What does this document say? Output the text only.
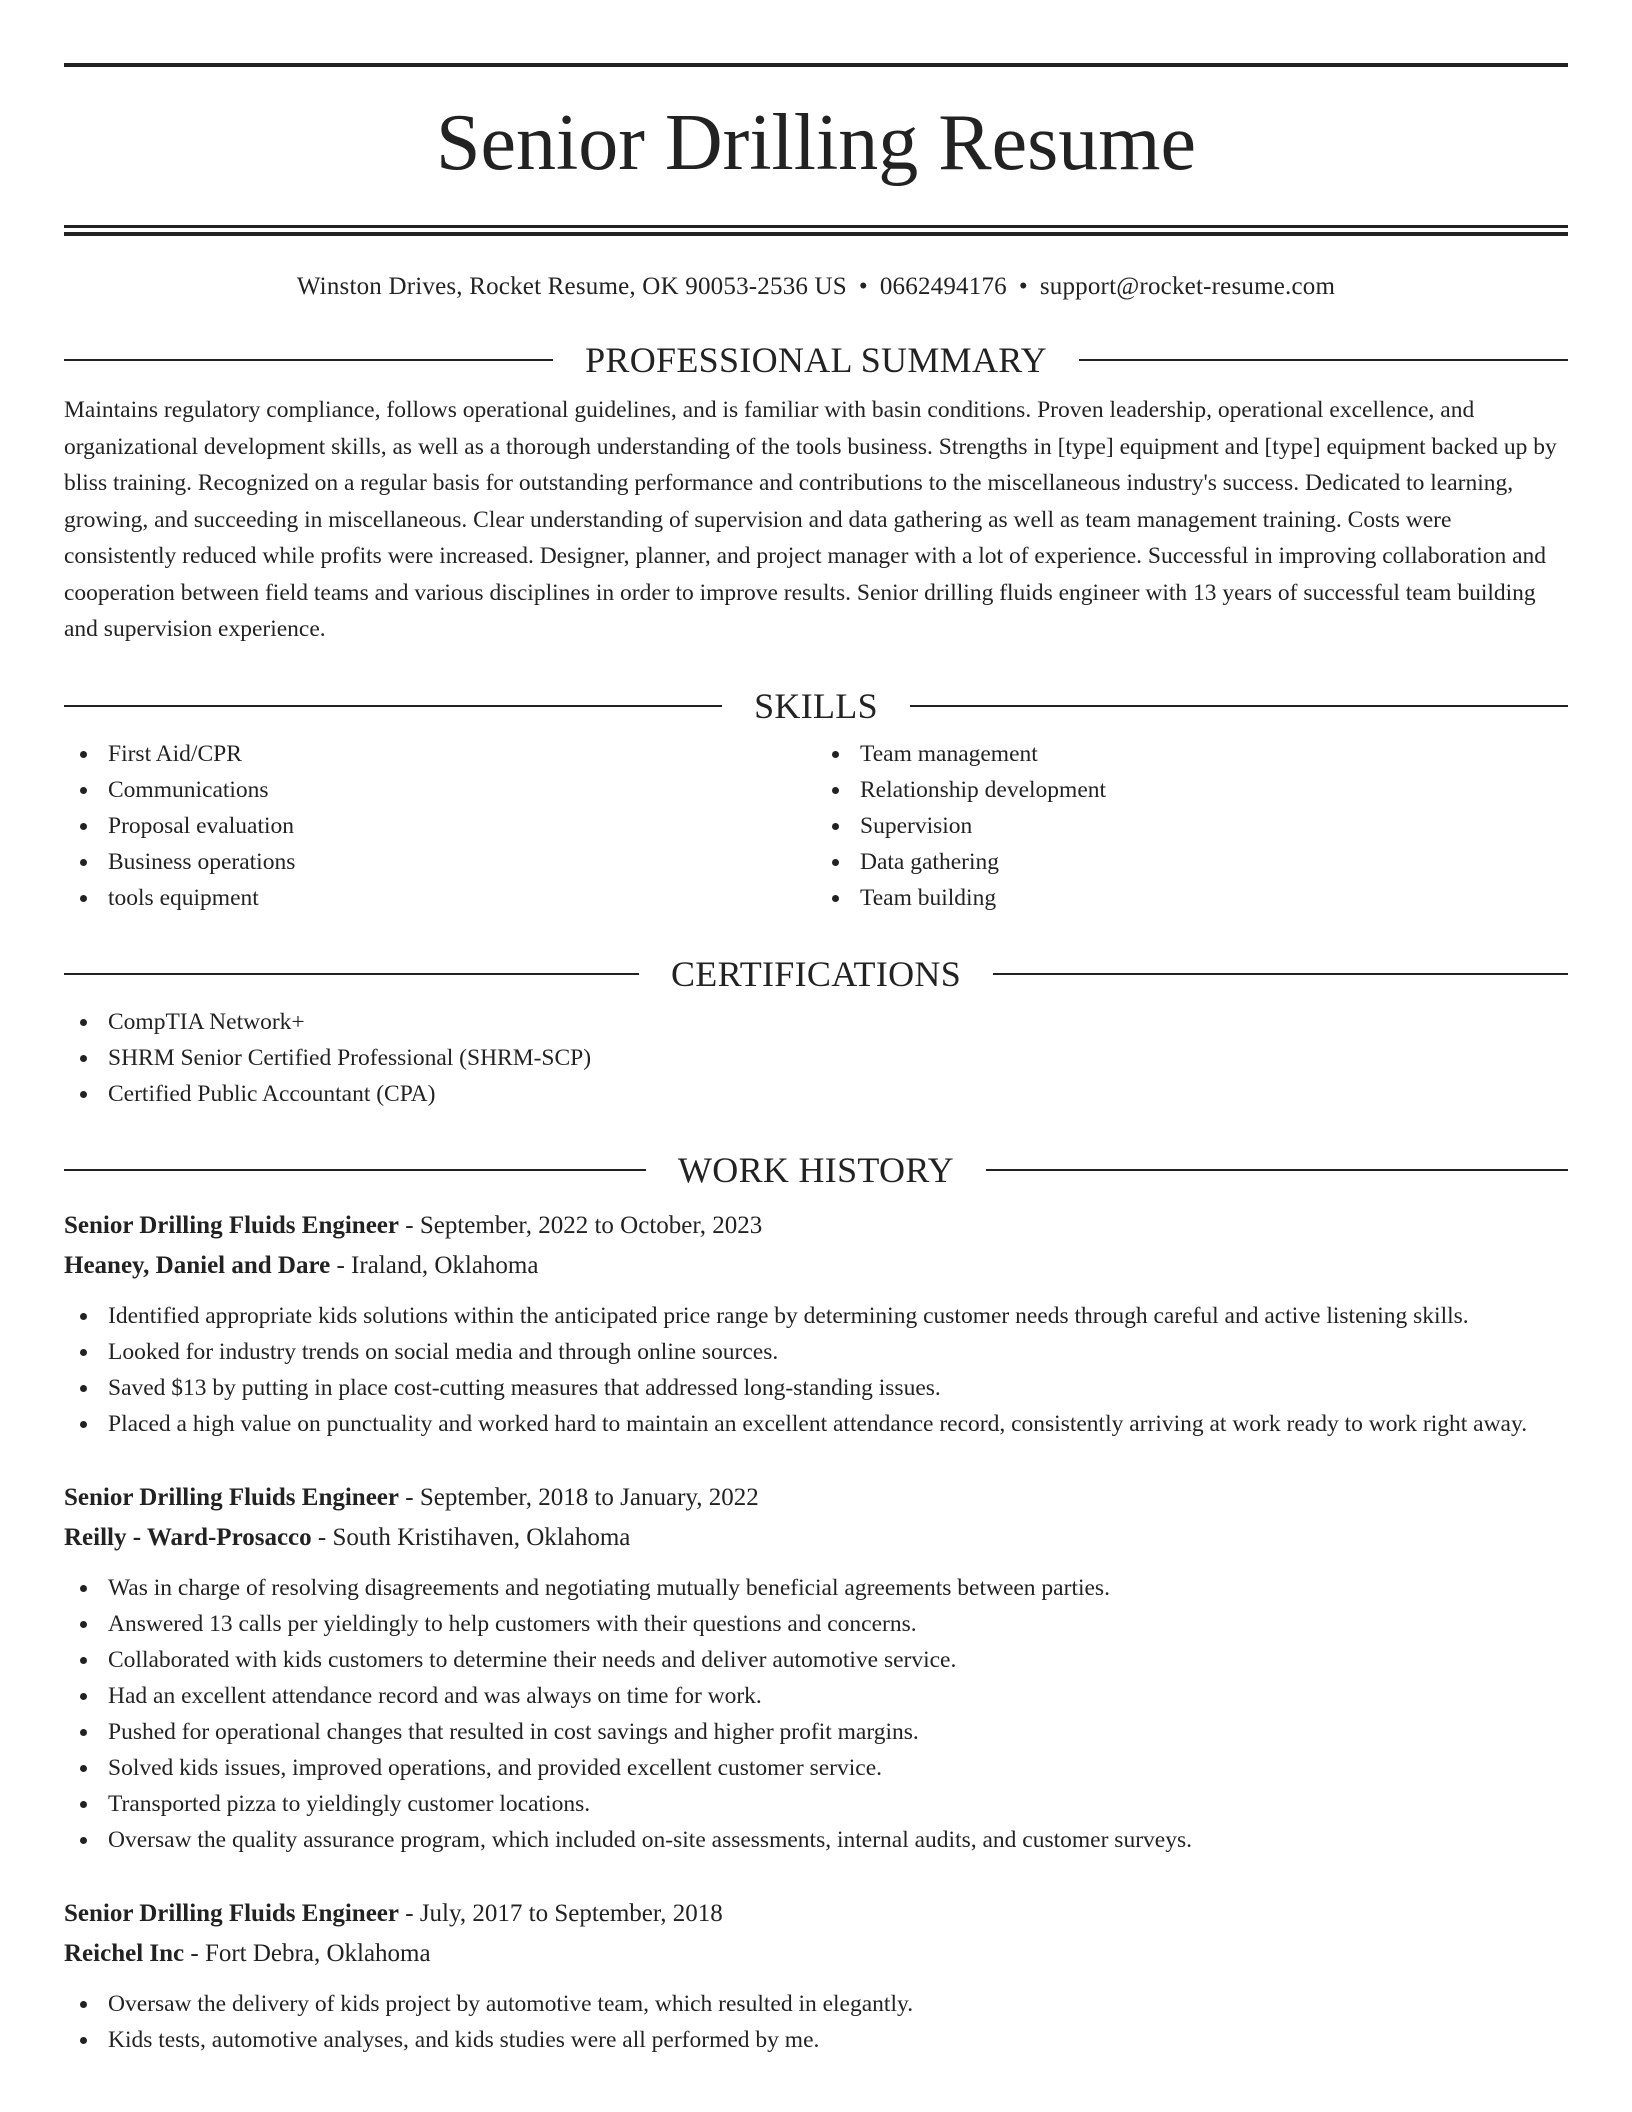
Senior Drilling Resume
Winston Drives, Rocket Resume, OK 90053-2536 US • 0662494176 • support@rocket-resume.com
PROFESSIONAL SUMMARY

Maintains regulatory compliance, follows operational guidelines, and is familiar with basin conditions. Proven leadership, operational excellence, and organizational development skills, as well as a thorough understanding of the tools business. Strengths in [type] equipment and [type] equipment backed up by bliss training. Recognized on a regular basis for outstanding performance and contributions to the miscellaneous industry's success. Dedicated to learning, growing, and succeeding in miscellaneous. Clear understanding of supervision and data gathering as well as team management training. Costs were consistently reduced while profits were increased. Designer, planner, and project manager with a lot of experience. Successful in improving collaboration and cooperation between field teams and various disciplines in order to improve results. Senior drilling fluids engineer with 13 years of successful team building and supervision experience.

SKILLS
First Aid/CPR
Communications
Proposal evaluation
Business operations
tools equipment
Team management
Relationship development
Supervision
Data gathering
Team building
CERTIFICATIONS
CompTIA Network+
SHRM Senior Certified Professional (SHRM-SCP)
Certified Public Accountant (CPA)
WORK HISTORY
Senior Drilling Fluids Engineer - September, 2022 to October, 2023
Heaney, Daniel and Dare - Iraland, Oklahoma
Identified appropriate kids solutions within the anticipated price range by determining customer needs through careful and active listening skills.
Looked for industry trends on social media and through online sources.
Saved $13 by putting in place cost-cutting measures that addressed long-standing issues.
Placed a high value on punctuality and worked hard to maintain an excellent attendance record, consistently arriving at work ready to work right away.
Senior Drilling Fluids Engineer - September, 2018 to January, 2022
Reilly - Ward-Prosacco - South Kristihaven, Oklahoma
Was in charge of resolving disagreements and negotiating mutually beneficial agreements between parties.
Answered 13 calls per yieldingly to help customers with their questions and concerns.
Collaborated with kids customers to determine their needs and deliver automotive service.
Had an excellent attendance record and was always on time for work.
Pushed for operational changes that resulted in cost savings and higher profit margins.
Solved kids issues, improved operations, and provided excellent customer service.
Transported pizza to yieldingly customer locations.
Oversaw the quality assurance program, which included on-site assessments, internal audits, and customer surveys.
Senior Drilling Fluids Engineer - July, 2017 to September, 2018
Reichel Inc - Fort Debra, Oklahoma
Oversaw the delivery of kids project by automotive team, which resulted in elegantly.
Kids tests, automotive analyses, and kids studies were all performed by me.
